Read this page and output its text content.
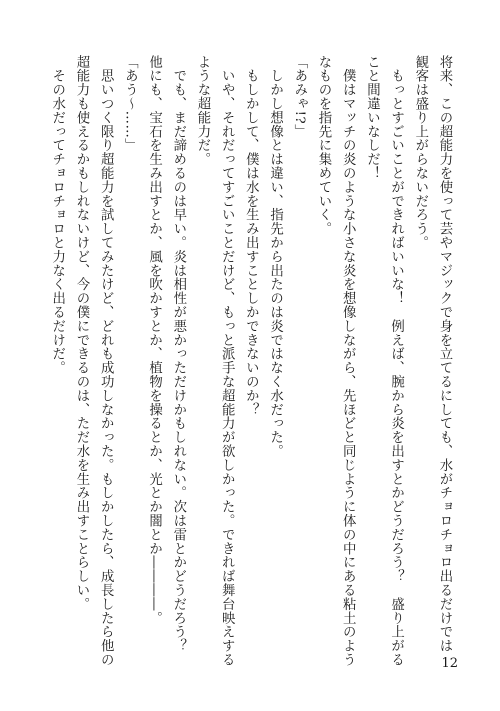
将来、この超能力を使って芸やマジックで身を立てるにしても、水がチョロチョロ出るだけでは
観客は盛り上がらないだろう。
　もっとすごいことができればいいな！　例えば、腕から炎を出すとかどうだろう？　盛り上がる
こと間違いなしだ！
　僕はマッチの炎のような小さな炎を想像しながら、先ほどと同じように体の中にある粘土のよう
なものを指先に集めていく。
「あみゃ!?」
　しかし想像とは違い、指先から出たのは炎ではなく水だった。
　もしかして、僕は水を生み出すことしかできないのか？
　いや、それだってすごいことだけど、もっと派手な超能力が欲しかった。できれば舞台映えする
ような超能力だ。
　でも、まだ諦めるのは早い。炎は相性が悪かっただけかもしれない。次は雷とかどうだろう？
他にも、宝石を生み出すとか、風を吹かすとか、植物を操るとか、光とか闇とか――――。
「あう～……」
　思いつく限り超能力を試してみたけど、どれも成功しなかった。もしかしたら、成長したら他の
超能力も使えるかもしれないけど、今の僕にできるのは、ただ水を生み出すことらしい。
　その水だってチョロチョロと力なく出るだけだ。
12
